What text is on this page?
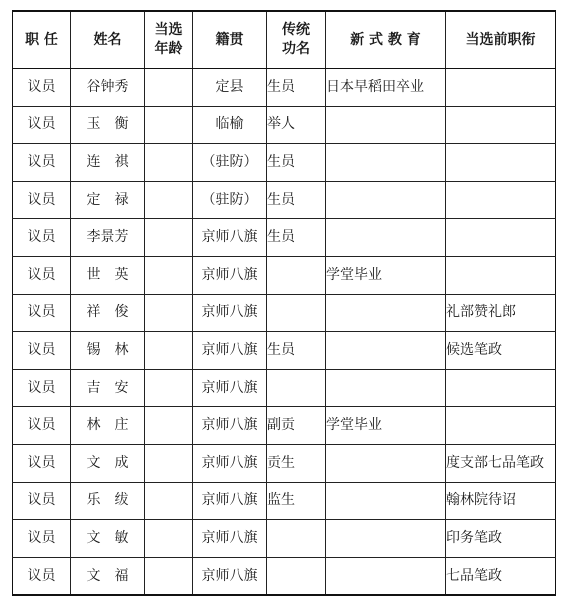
职 任	姓名	当选年龄	籍贯	传统功名	新 式 教 育	当选前职衔
议员	谷钟秀		定县	生员	日本早稻田卒业	
议员	玉　衡		临榆	举人		
议员	连　祺		（驻防）	生员		
议员	定　禄		（驻防）	生员		
议员	李景芳		京师八旗	生员		
议员	世　英		京师八旗		学堂毕业	
议员	祥　俊		京师八旗			礼部赞礼郎
议员	锡　林		京师八旗	生员		候选笔政
议员	吉　安		京师八旗			
议员	林　庄		京师八旗	副贡	学堂毕业	
议员	文　成		京师八旗	贡生		度支部七品笔政
议员	乐　绂		京师八旗	监生		翰林院待诏
议员	文　敏		京师八旗			印务笔政
议员	文　福		京师八旗			七品笔政
